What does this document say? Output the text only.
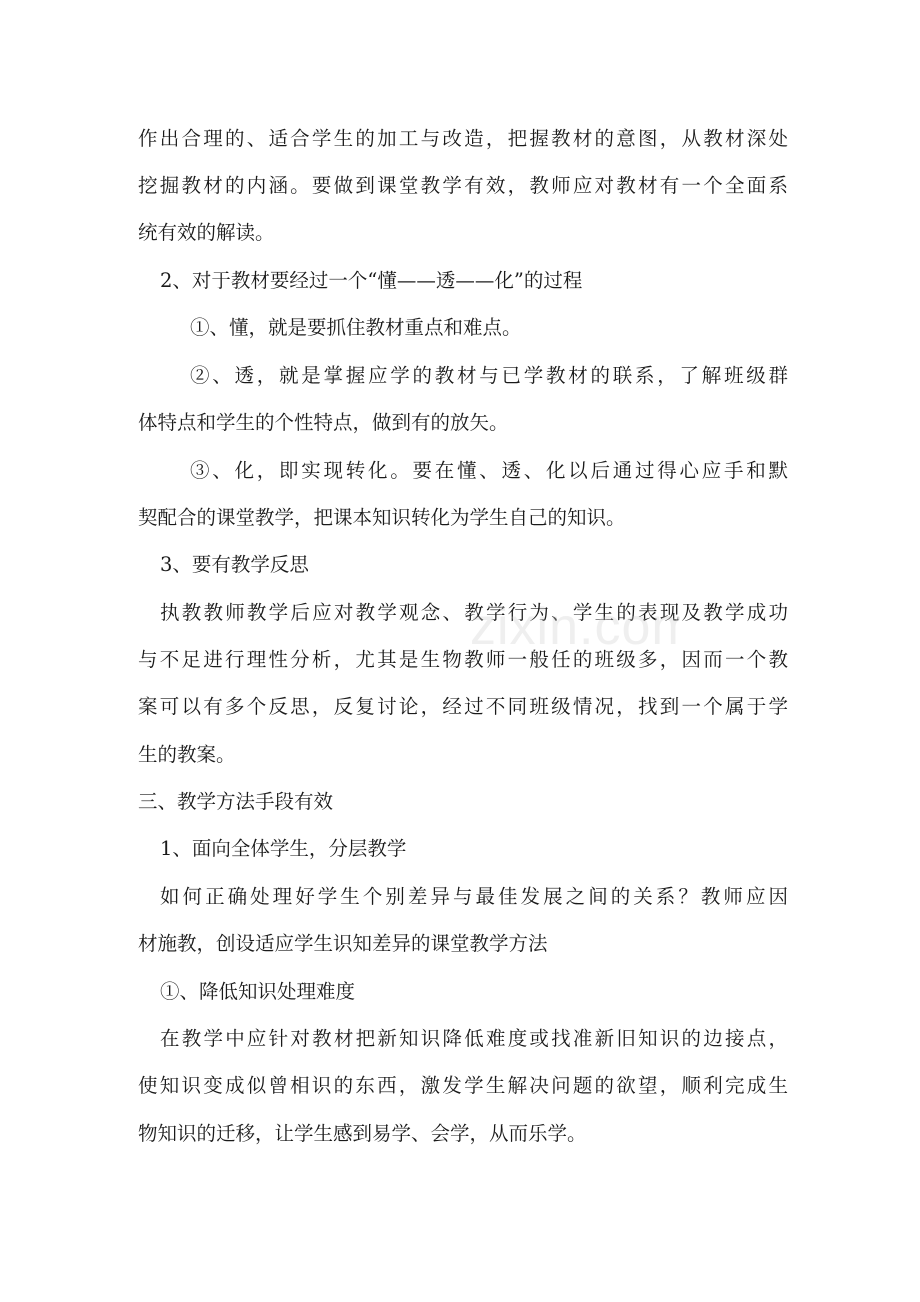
作出合理的、适合学生的加工与改造，把握教材的意图，从教材深处
挖掘教材的内涵。要做到课堂教学有效，教师应对教材有一个全面系
统有效的解读。
2、对于教材要经过一个“懂——透——化”的过程
①、懂，就是要抓住教材重点和难点。
②、透，就是掌握应学的教材与已学教材的联系，了解班级群
体特点和学生的个性特点，做到有的放矢。
③、化，即实现转化。要在懂、透、化以后通过得心应手和默
契配合的课堂教学，把课本知识转化为学生自己的知识。
3、要有教学反思
执教教师教学后应对教学观念、教学行为、学生的表现及教学成功
与不足进行理性分析，尤其是生物教师一般任的班级多，因而一个教
案可以有多个反思，反复讨论，经过不同班级情况，找到一个属于学
生的教案。
三、教学方法手段有效
1、面向全体学生，分层教学
如何正确处理好学生个别差异与最佳发展之间的关系？教师应因
材施教，创设适应学生识知差异的课堂教学方法
①、降低知识处理难度
在教学中应针对教材把新知识降低难度或找准新旧知识的边接点，
使知识变成似曾相识的东西，激发学生解决问题的欲望，顺利完成生
物知识的迁移，让学生感到易学、会学，从而乐学。
zixin.com
